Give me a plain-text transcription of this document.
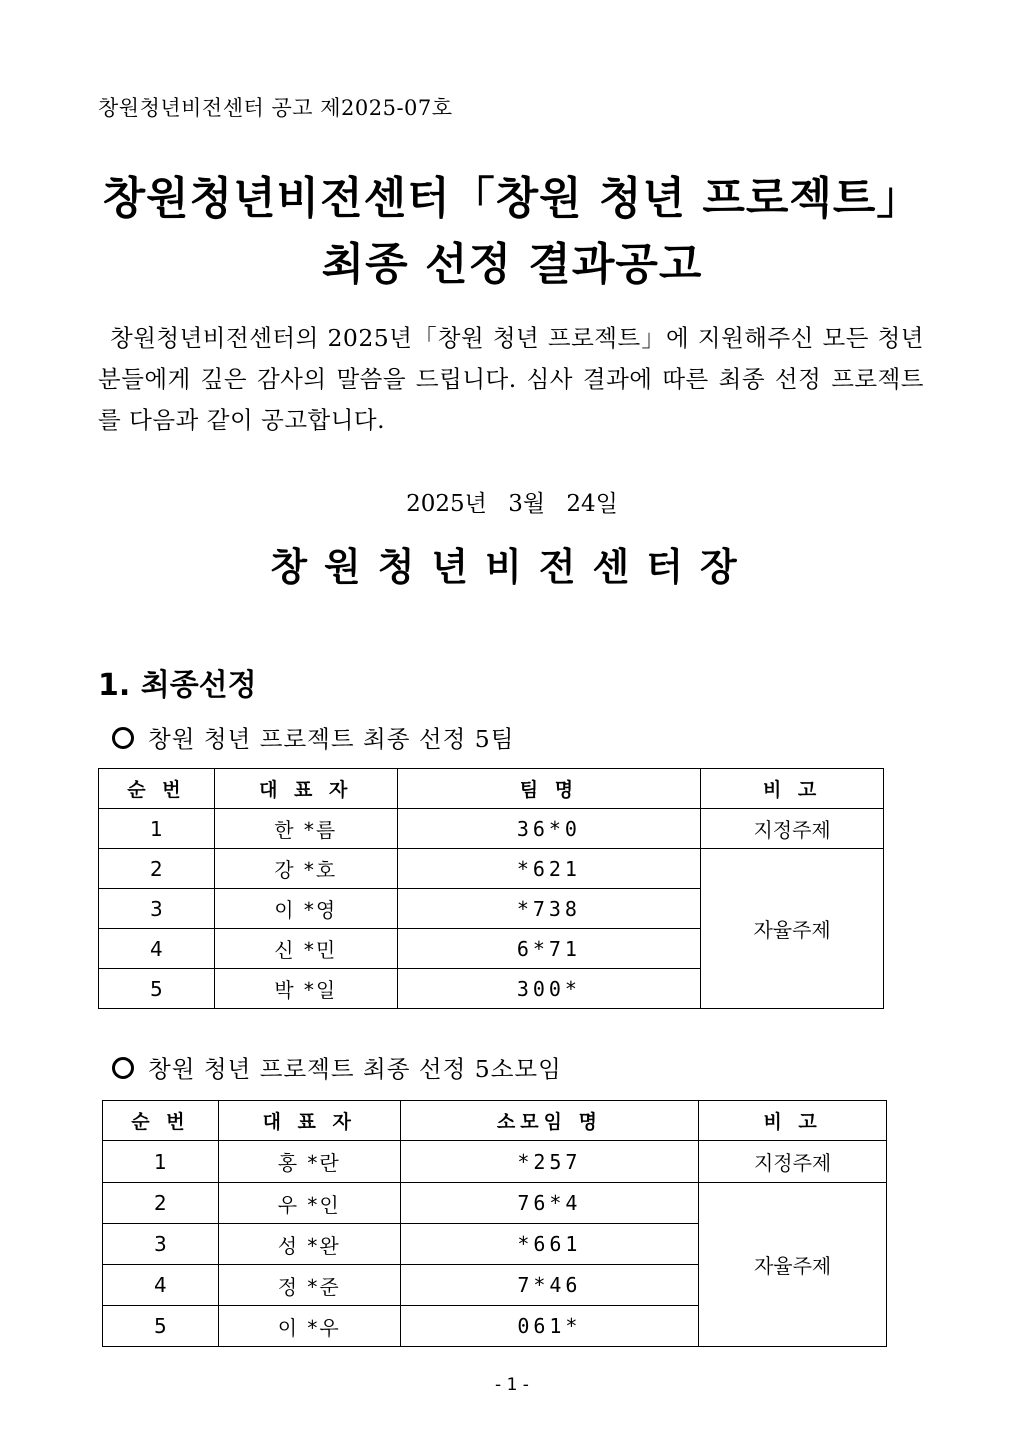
창원청년비전센터 공고 제2025-07호
창원청년비전센터「창원 청년 프로젝트」
최종 선정 결과공고
창원청년비전센터의 2025년「창원 청년 프로젝트」에 지원해주신 모든 청년분들에게 깊은 감사의 말씀을 드립니다. 심사 결과에 따른 최종 선정 프로젝트를 다음과 같이 공고합니다.
2025년 3월 24일
창원청년비전센터장
1. 최종선정
창원 청년 프로젝트 최종 선정 5팀
순 번	대 표 자	팀 명	비 고
1	한 *름	36*0	지정주제
2	강 *호	*621	자율주제
3	이 *영	*738	
4	신 *민	6*71	
5	박 *일	300*	
창원 청년 프로젝트 최종 선정 5소모임
순 번	대 표 자	소모임 명	비 고
1	홍 *란	*257	지정주제
2	우 *인	76*4	자율주제
3	성 *완	*661	
4	정 *준	7*46	
5	이 *우	061*	
- 1 -
